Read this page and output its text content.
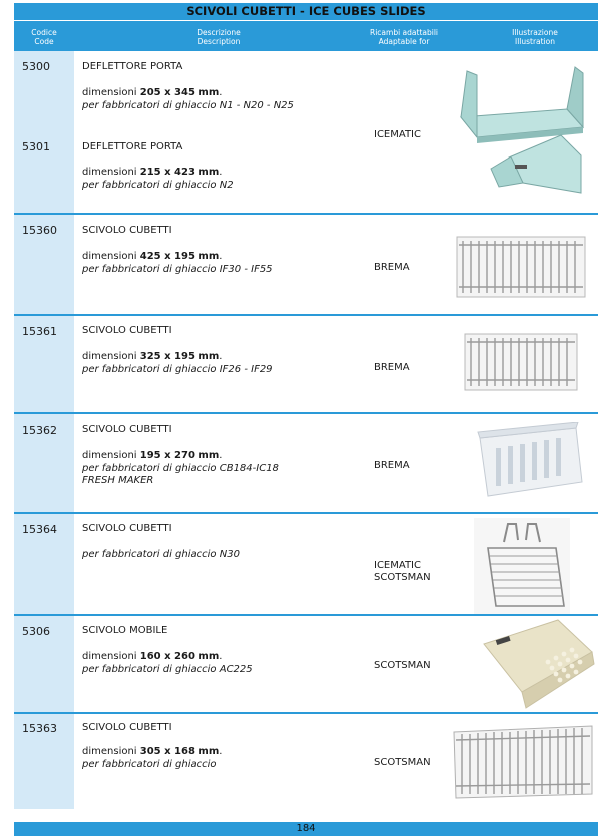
SCIVOLI CUBETTI - ICE CUBES SLIDES
Codice
Code
Descrizione
Description
Ricambi adattabili
Adaptable for
Illustrazione
Illustration
5300	DEFLETTORE PORTA
dimensioni 205 x 345 mm.
per fabbricatori di ghiaccio N1 - N20 - N25
5301	DEFLETTORE PORTA
dimensioni 215 x 423 mm.
per fabbricatori di ghiaccio N2
ICEMATIC
15360	SCIVOLO CUBETTI
dimensioni 425 x 195 mm.
per fabbricatori di ghiaccio IF30 - IF55	BREMA
15361	SCIVOLO CUBETTI
dimensioni 325 x 195 mm.
per fabbricatori di ghiaccio IF26 - IF29	BREMA
15362	SCIVOLO CUBETTI
dimensioni 195 x 270 mm.
per fabbricatori di ghiaccio CB184-IC18
FRESH MAKER
BREMA
15364	SCIVOLO CUBETTI
per fabbricatori di ghiaccio N30
ICEMATIC
SCOTSMAN
5306	SCIVOLO MOBILE
dimensioni 160 x 260 mm.
per fabbricatori di ghiaccio AC225	SCOTSMAN
15363	SCIVOLO CUBETTI
dimensioni 305 x 168 mm.
per fabbricatori di ghiaccio	SCOTSMAN
184
